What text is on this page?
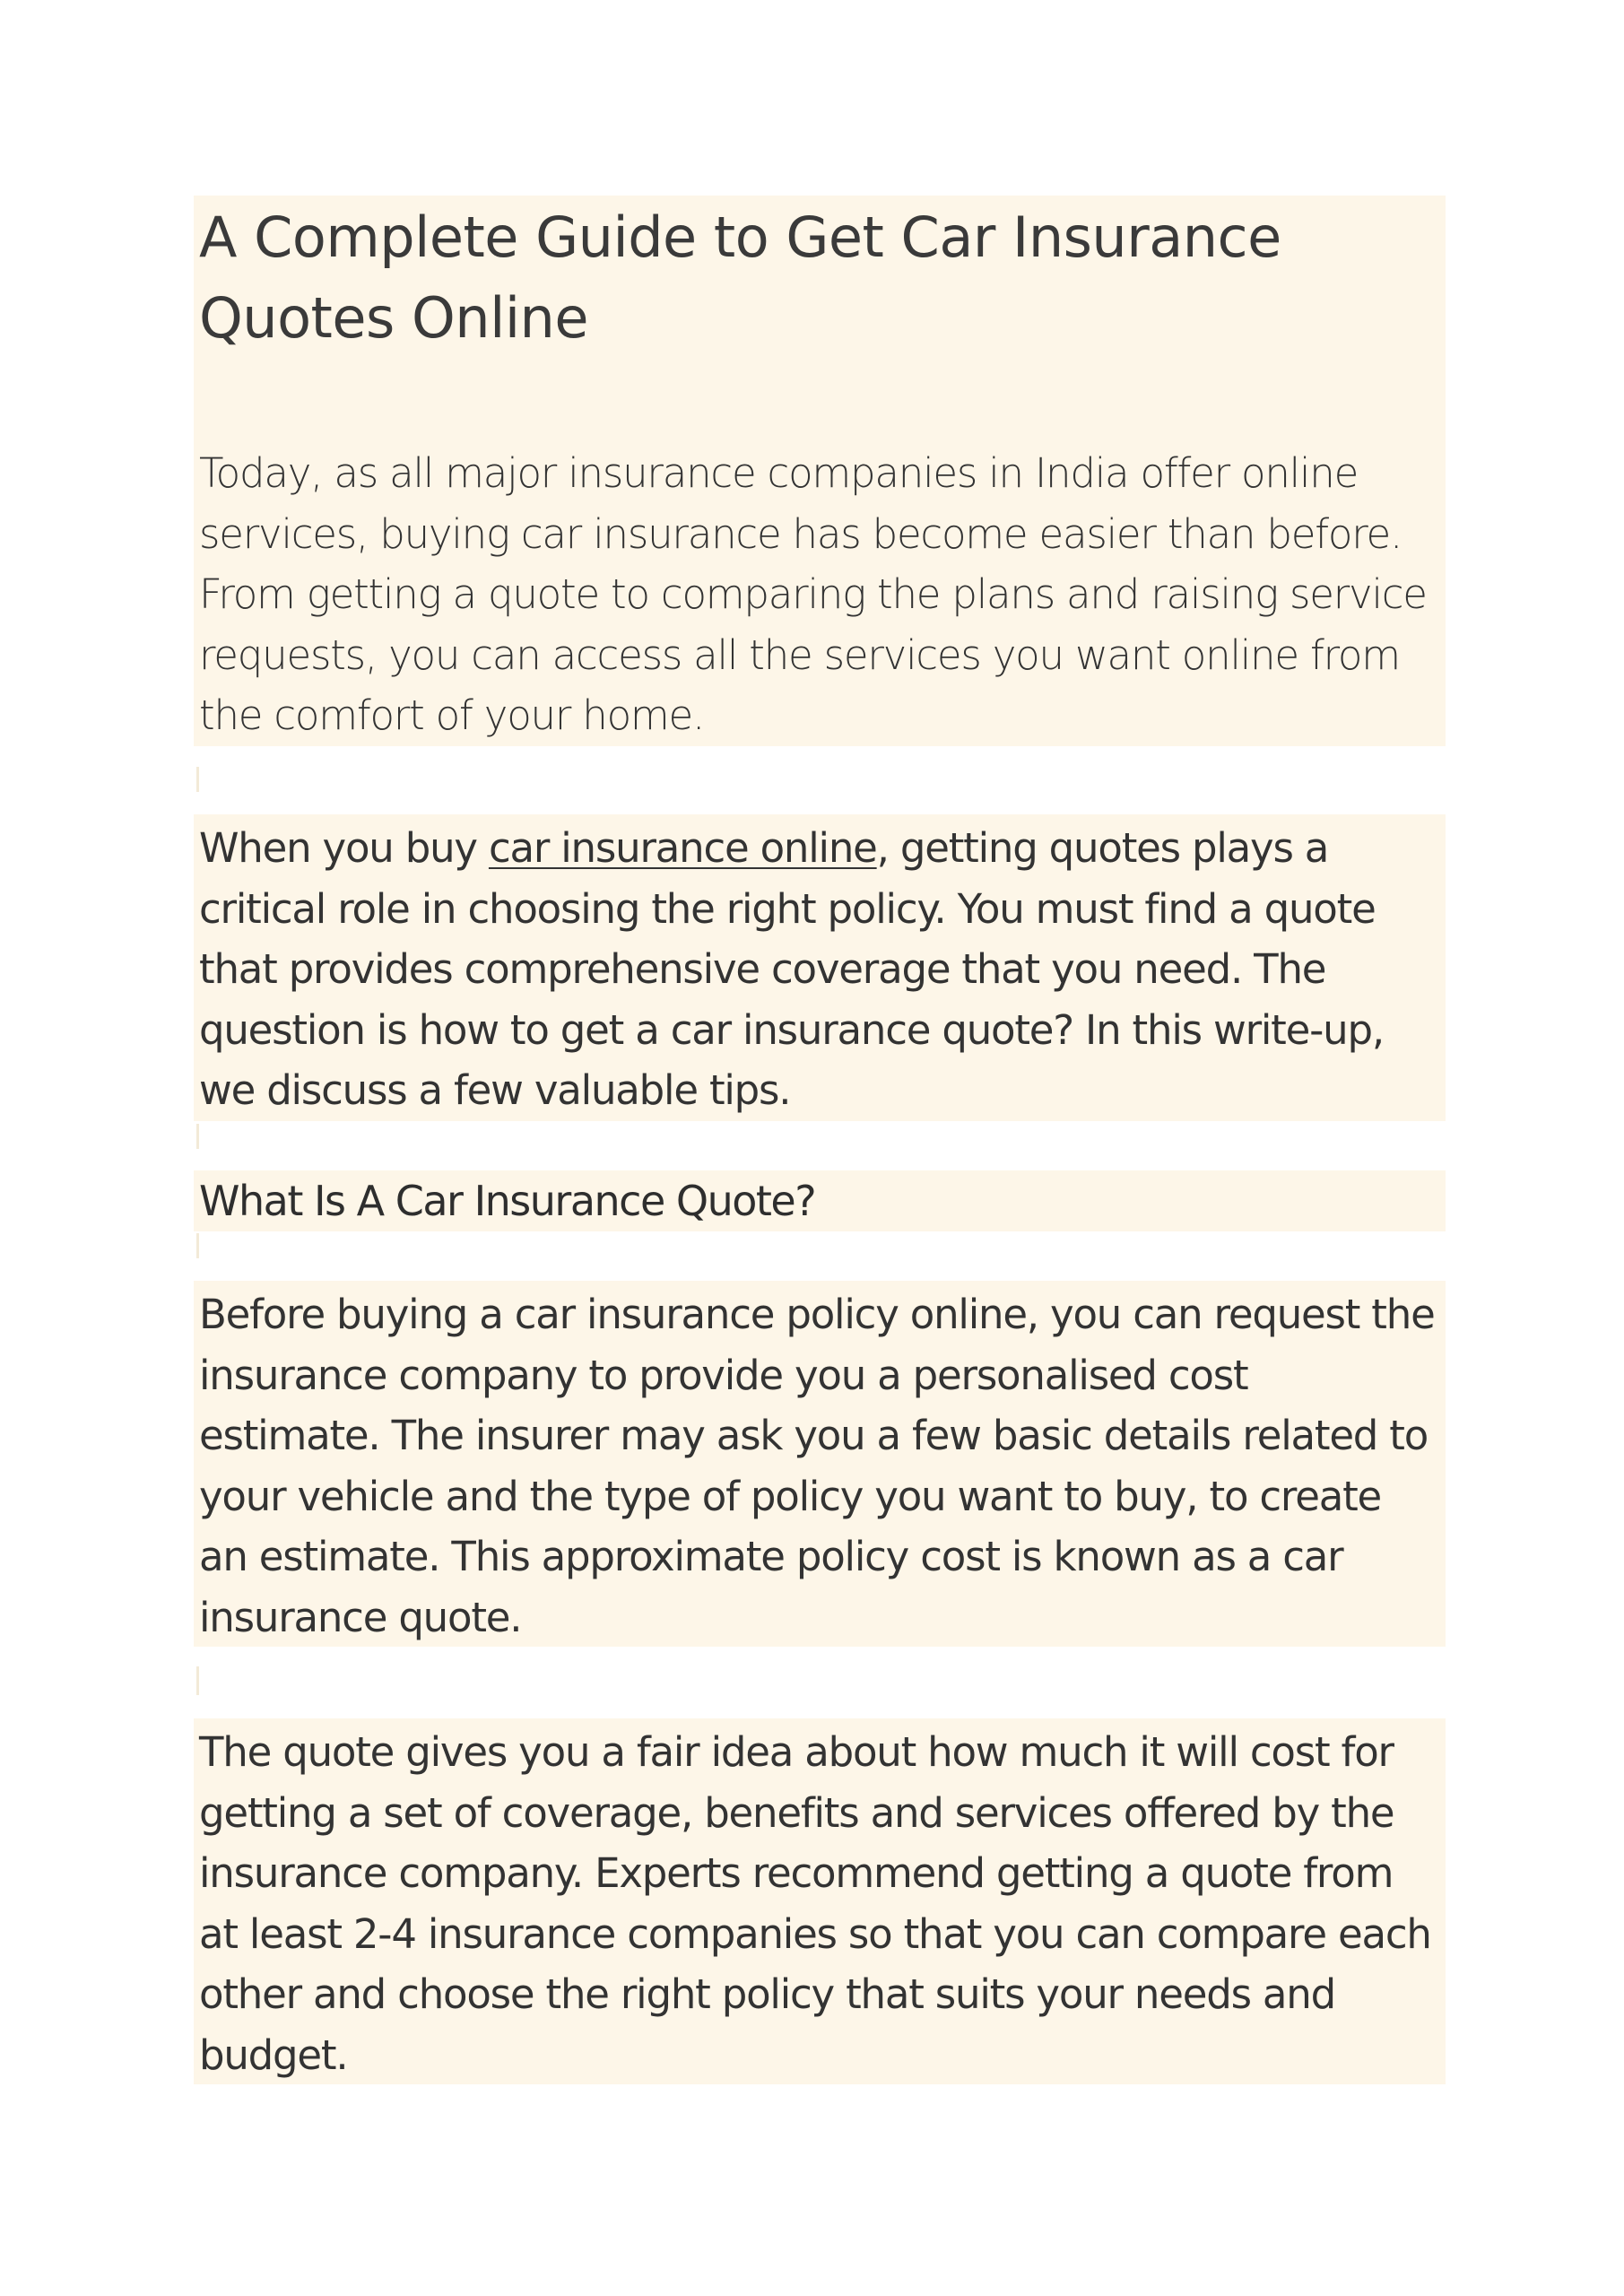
A Complete Guide to Get Car Insurance Quotes Online
Today, as all major insurance companies in India offer online services, buying car insurance has become easier than before. From getting a quote to comparing the plans and raising service requests, you can access all the services you want online from the comfort of your home.
When you buy car insurance online, getting quotes plays a critical role in choosing the right policy. You must find a quote that provides comprehensive coverage that you need. The question is how to get a car insurance quote? In this write-up, we discuss a few valuable tips.
What Is A Car Insurance Quote?
Before buying a car insurance policy online, you can request the insurance company to provide you a personalised cost estimate. The insurer may ask you a few basic details related to your vehicle and the type of policy you want to buy, to create an estimate. This approximate policy cost is known as a car insurance quote.
The quote gives you a fair idea about how much it will cost for getting a set of coverage, benefits and services offered by the insurance company. Experts recommend getting a quote from at least 2-4 insurance companies so that you can compare each other and choose the right policy that suits your needs and budget.
